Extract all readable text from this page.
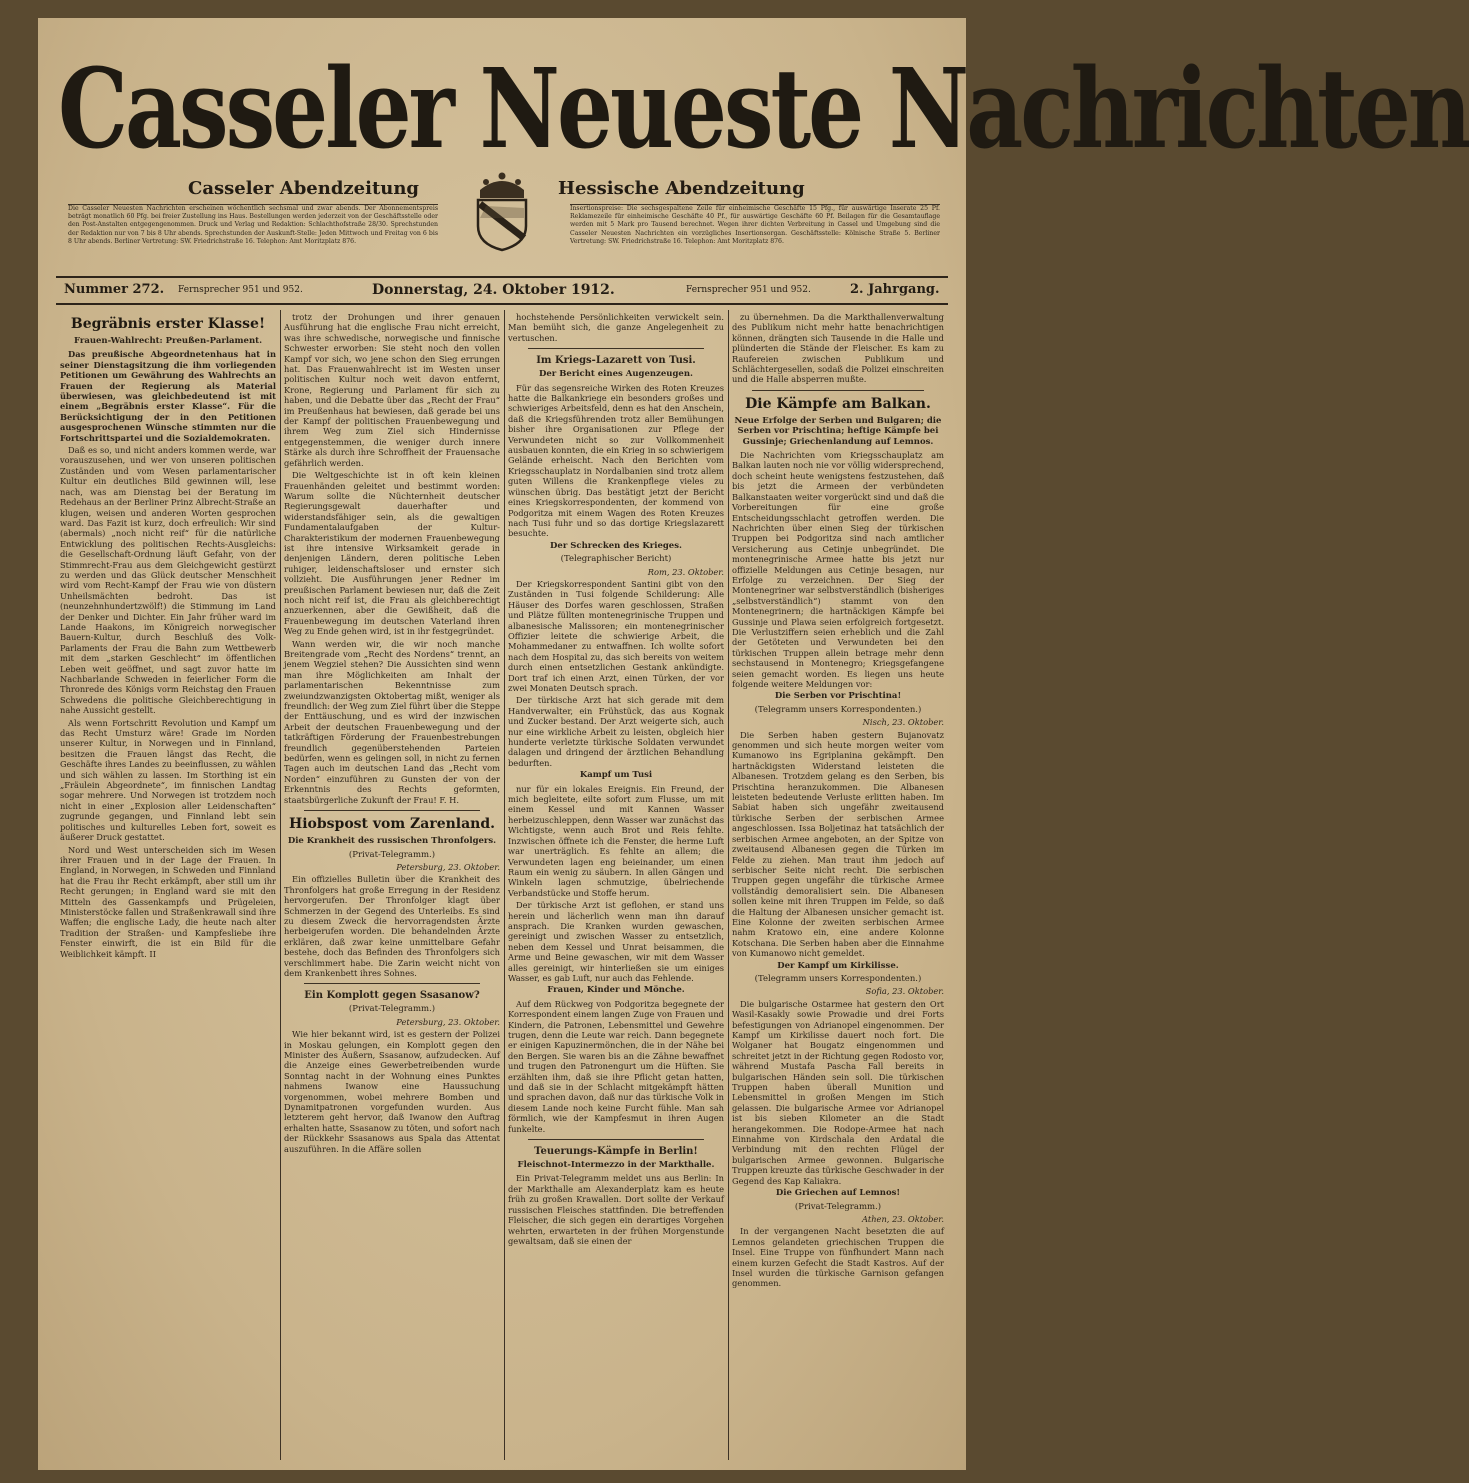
Casseler Neueste Nachrichten
Casseler Abendzeitung	Hessische Abendzeitung
Die Casseler Neuesten Nachrichten erscheinen wöchentlich sechsmal und zwar abends. Der Abonnementspreis beträgt monatlich 60 Pfg. bei freier Zustellung ins Haus. Bestellungen werden jederzeit von der Geschäftsstelle oder den Post-Anstalten entgegengenommen. Druck und Verlag und Redaktion: Schlachthofstraße 28/30. Sprechstunden der Redaktion nur von 7 bis 8 Uhr abends. Sprechstunden der Auskunft-Stelle: Jeden Mittwoch und Freitag von 6 bis 8 Uhr abends. Berliner Vertretung: SW. Friedrichstraße 16. Telephon: Amt Moritzplatz 876.
Insertionspreise: Die sechsgespaltene Zeile für einheimische Geschäfte 15 Pfg., für auswärtige Inserate 25 Pf. Reklamezeile für einheimische Geschäfte 40 Pf., für auswärtige Geschäfte 60 Pf. Beilagen für die Gesamtauflage werden mit 5 Mark pro Tausend berechnet. Wegen ihrer dichten Verbreitung in Cassel und Umgebung sind die Casseler Neuesten Nachrichten ein vorzügliches Insertionsorgan. Geschäftsstelle: Kölnische Straße 5. Berliner Vertretung: SW. Friedrichstraße 16. Telephon: Amt Moritzplatz 876.
Nummer 272. Fernsprecher 951 und 952.	Donnerstag, 24. Oktober 1912.	Fernsprecher 951 und 952.	2. Jahrgang.
Begräbnis erster Klasse!
Frauen-Wahlrecht: Preußen-Parlament.

Das preußische Abgeordnetenhaus hat in seiner Dienstagsitzung die ihm vorliegenden Petitionen um Gewährung des Wahlrechts an Frauen der Regierung als Material überwiesen, was gleichbedeutend ist mit einem „Begräbnis erster Klasse“. Für die Berücksichtigung der in den Petitionen ausgesprochenen Wünsche stimmten nur die Fortschrittspartei und die Sozialdemokraten.

Daß es so, und nicht anders kommen werde, war vorauszusehen, und wer von unseren politischen Zuständen und vom Wesen parlamentarischer Kultur ein deutliches Bild gewinnen will, lese nach, was am Dienstag bei der Beratung im Redehaus an der Berliner Prinz Albrecht-Straße an klugen, weisen und anderen Worten gesprochen ward. Das Fazit ist kurz, doch erfreulich: Wir sind (abermals) „noch nicht reif“ für die natürliche Entwicklung des politischen Rechts-Ausgleichs: die Gesellschaft-Ordnung läuft Gefahr, von der Stimmrecht-Frau aus dem Gleichgewicht gestürzt zu werden und das Glück deutscher Menschheit wird vom Recht-Kampf der Frau wie von düstern Unheilsmächten bedroht. Das ist (neunzehnhundertzwölf!) die Stimmung im Land der Denker und Dichter. Ein Jahr früher ward im Lande Haakons, im Königreich norwegischer Bauern-Kultur, durch Beschluß des Volk-Parlaments der Frau die Bahn zum Wettbewerb mit dem „starken Geschlecht“ im öffentlichen Leben weit geöffnet, und sagt zuvor hatte im Nachbarlande Schweden in feierlicher Form die Thronrede des Königs vorm Reichstag den Frauen Schwedens die politische Gleichberechtigung in nahe Aussicht gestellt.

Als wenn Fortschritt Revolution und Kampf um das Recht Umsturz wäre! Grade im Norden unserer Kultur, in Norwegen und in Finnland, besitzen die Frauen längst das Recht, die Geschäfte ihres Landes zu beeinflussen, zu wählen und sich wählen zu lassen. Im Storthing ist ein „Fräulein Abgeordnete“, im finnischen Landtag sogar mehrere. Und Norwegen ist trotzdem noch nicht in einer „Explosion aller Leidenschaften“ zugrunde gegangen, und Finnland lebt sein politisches und kulturelles Leben fort, soweit es äußerer Druck gestattet.

Nord und West unterscheiden sich im Wesen ihrer Frauen und in der Lage der Frauen. In England, in Norwegen, in Schweden und Finnland hat die Frau ihr Recht erkämpft, aber still um ihr Recht gerungen; in England ward sie mit den Mitteln des Gassenkampfs und Prügeleien, Ministerstöcke fallen und Straßenkrawall sind ihre Waffen; die englische Lady, die heute nach alter Tradition der Straßen- und Kampfesliebe ihre Fenster einwirft, die ist ein Bild für die Weiblichkeit kämpft. II

trotz der Drohungen und ihrer genauen Ausführung hat die englische Frau nicht erreicht, was ihre schwedische, norwegische und finnische Schwester erworben: Sie steht noch den vollen Kampf vor sich, wo jene schon den Sieg errungen hat. Das Frauenwahlrecht ist im Westen unser politischen Kultur noch weit davon entfernt, Krone, Regierung und Parlament für sich zu haben, und die Debatte über das „Recht der Frau“ im Preußenhaus hat bewiesen, daß gerade bei uns der Kampf der politischen Frauenbewegung und ihrem Weg zum Ziel sich Hindernisse entgegenstemmen, die weniger durch innere Stärke als durch ihre Schroffheit der Frauensache gefährlich werden.

Die Weltgeschichte ist in oft kein kleinen Frauenhänden geleitet und bestimmt worden: Warum sollte die Nüchternheit deutscher Regierungsgewalt dauerhafter und widerstandsfähiger sein, als die gewaltigen Fundamentalaufgaben der Kultur-Charakteristikum der modernen Frauenbewegung ist ihre intensive Wirksamkeit gerade in denjenigen Ländern, deren politische Leben ruhiger, leidenschaftsloser und ernster sich vollzieht. Die Ausführungen jener Redner im preußischen Parlament bewiesen nur, daß die Zeit noch nicht reif ist, die Frau als gleichberechtigt anzuerkennen, aber die Gewißheit, daß die Frauenbewegung im deutschen Vaterland ihren Weg zu Ende gehen wird, ist in ihr festgegründet.

Wann werden wir, die wir noch manche Breitengrade vom „Recht des Nordens“ trennt, an jenem Wegziel stehen? Die Aussichten sind wenn man ihre Möglichkeiten am Inhalt der parlamentarischen Bekenntnisse zum zweiundzwanzigsten Oktobertag mißt, weniger als freundlich: der Weg zum Ziel führt über die Steppe der Enttäuschung, und es wird der inzwischen Arbeit der deutschen Frauenbewegung und der tatkräftigen Förderung der Frauenbestrebungen freundlich gegenüberstehenden Parteien bedürfen, wenn es gelingen soll, in nicht zu fernen Tagen auch im deutschen Land das „Recht vom Norden“ einzuführen zu Gunsten der von der Erkenntnis des Rechts geformten, staatsbürgerliche Zukunft der Frau! F. H.

Hiobspost vom Zarenland.
Die Krankheit des russischen Thronfolgers.
(Privat-Telegramm.)
Petersburg, 23. Oktober.

Ein offizielles Bulletin über die Krankheit des Thronfolgers hat große Erregung in der Residenz hervorgerufen. Der Thronfolger klagt über Schmerzen in der Gegend des Unterleibs. Es sind zu diesem Zweck die hervorragendsten Ärzte herbeigerufen worden. Die behandelnden Ärzte erklären, daß zwar keine unmittelbare Gefahr bestehe, doch das Befinden des Thronfolgers sich verschlimmert habe. Die Zarin weicht nicht von dem Krankenbett ihres Sohnes.

Ein Komplott gegen Ssasanow?
(Privat-Telegramm.)
Petersburg, 23. Oktober.

Wie hier bekannt wird, ist es gestern der Polizei in Moskau gelungen, ein Komplott gegen den Minister des Äußern, Ssasanow, aufzudecken. Auf die Anzeige eines Gewerbetreibenden wurde Sonntag nacht in der Wohnung eines Punktes nahmens Iwanow eine Haussuchung vorgenommen, wobei mehrere Bomben und Dynamitpatronen vorgefunden wurden. Aus letzterem geht hervor, daß Iwanow den Auftrag erhalten hatte, Ssasanow zu töten, und sofort nach der Rückkehr Ssasanows aus Spala das Attentat auszuführen. In die Affäre sollen

hochstehende Persönlichkeiten verwickelt sein. Man bemüht sich, die ganze Angelegenheit zu vertuschen.

Im Kriegs-Lazarett von Tusi.
Der Bericht eines Augenzeugen.

Für das segensreiche Wirken des Roten Kreuzes hatte die Balkankriege ein besonders großes und schwieriges Arbeitsfeld, denn es hat den Anschein, daß die Kriegsführenden trotz aller Bemühungen bisher ihre Organisationen zur Pflege der Verwundeten nicht so zur Vollkommenheit ausbauen konnten, die ein Krieg in so schwierigem Gelände erheischt. Nach den Berichten vom Kriegsschauplatz in Nordalbanien sind trotz allem guten Willens die Krankenpflege vieles zu wünschen übrig. Das bestätigt jetzt der Bericht eines Kriegskorrespondenten, der kommend von Podgoritza mit einem Wagen des Roten Kreuzes nach Tusi fuhr und so das dortige Kriegslazarett besuchte.

Der Schrecken des Krieges.
(Telegraphischer Bericht)
Rom, 23. Oktober.

Der Kriegskorrespondent Santini gibt von den Zuständen in Tusi folgende Schilderung: Alle Häuser des Dorfes waren geschlossen, Straßen und Plätze füllten montenegrinische Truppen und albanesische Malissoren; ein montenegrinischer Offizier leitete die schwierige Arbeit, die Mohammedaner zu entwaffnen. Ich wollte sofort nach dem Hospital zu, das sich bereits von weitem durch einen entsetzlichen Gestank ankündigte. Dort traf ich einen Arzt, einen Türken, der vor zwei Monaten Deutsch sprach.

Der türkische Arzt hat sich gerade mit dem Handverwalter, ein Frühstück, das aus Kognak und Zucker bestand. Der Arzt weigerte sich, auch nur eine wirkliche Arbeit zu leisten, obgleich hier hunderte verletzte türkische Soldaten verwundet dalagen und dringend der ärztlichen Behandlung bedurften.

Kampf um Tusi

nur für ein lokales Ereignis. Ein Freund, der mich begleitete, eilte sofort zum Flusse, um mit einem Kessel und mit Kannen Wasser herbeizuschleppen, denn Wasser war zunächst das Wichtigste, wenn auch Brot und Reis fehlte. Inzwischen öffnete ich die Fenster, die herme Luft war unerträglich. Es fehlte an allem; die Verwundeten lagen eng beieinander, um einen Raum ein wenig zu säubern. In allen Gängen und Winkeln lagen schmutzige, übelriechende Verbandstücke und Stoffe herum.

Der türkische Arzt ist geflohen, er stand uns herein und lächerlich wenn man ihn darauf ansprach. Die Kranken wurden gewaschen, gereinigt und zwischen Wasser zu entsetzlich, neben dem Kessel und Unrat beisammen, die Arme und Beine gewaschen, wir mit dem Wasser alles gereinigt, wir hinterließen sie um einiges Wasser, es gab Luft, nur auch das Fehlende.

Frauen, Kinder und Mönche.

Auf dem Rückweg von Podgoritza begegnete der Korrespondent einem langen Zuge von Frauen und Kindern, die Patronen, Lebensmittel und Gewehre trugen, denn die Leute war reich. Dann begegnete er einigen Kapuzinermönchen, die in der Nähe bei den Bergen. Sie waren bis an die Zähne bewaffnet und trugen den Patronengurt um die Hüften. Sie erzählten ihm, daß sie ihre Pflicht getan hatten, und daß sie in der Schlacht mitgekämpft hätten und sprachen davon, daß nur das türkische Volk in diesem Lande noch keine Furcht fühle. Man sah förmlich, wie der Kampfesmut in ihren Augen funkelte.

Teuerungs-Kämpfe in Berlin!
Fleischnot-Intermezzo in der Markthalle.

Ein Privat-Telegramm meldet uns aus Berlin: In der Markthalle am Alexanderplatz kam es heute früh zu großen Krawallen. Dort sollte der Verkauf russischen Fleisches stattfinden. Die betreffenden Fleischer, die sich gegen ein derartiges Vorgehen wehrten, erwarteten in der frühen Morgenstunde gewaltsam, daß sie einen der

zu übernehmen. Da die Markthallenverwaltung des Publikum nicht mehr hatte benachrichtigen können, drängten sich Tausende in die Halle und plünderten die Stände der Fleischer. Es kam zu Raufereien zwischen Publikum und Schlächtergesellen, sodaß die Polizei einschreiten und die Halle absperren mußte.

Die Kämpfe am Balkan.
Neue Erfolge der Serben und Bulgaren; die Serben vor Prischtina; heftige Kämpfe bei Gussinje; Griechenlandung auf Lemnos.

Die Nachrichten vom Kriegsschauplatz am Balkan lauten noch nie vor völlig widersprechend, doch scheint heute wenigstens festzustehen, daß bis jetzt die Armeen der verbündeten Balkanstaaten weiter vorgerückt sind und daß die Vorbereitungen für eine große Entscheidungsschlacht getroffen werden. Die Nachrichten über einen Sieg der türkischen Truppen bei Podgoritza sind nach amtlicher Versicherung aus Cetinje unbegründet. Die montenegrinische Armee hatte bis jetzt nur offizielle Meldungen aus Cetinje besagen, nur Erfolge zu verzeichnen. Der Sieg der Montenegriner war selbstverständlich (bisheriges „selbstverständlich“) stammt von den Montenegrinern; die hartnäckigen Kämpfe bei Gussinje und Plawa seien erfolgreich fortgesetzt. Die Verlustziffern seien erheblich und die Zahl der Getöteten und Verwundeten bei den türkischen Truppen allein betrage mehr denn sechstausend in Montenegro; Kriegsgefangene seien gemacht worden. Es liegen uns heute folgende weitere Meldungen vor:

Die Serben vor Prischtina!
(Telegramm unsers Korrespondenten.)
Nisch, 23. Oktober.

Die Serben haben gestern Bujanovatz genommen und sich heute morgen weiter vom Kumanowo ins Egriplanina gekämpft. Den hartnäckigsten Widerstand leisteten die Albanesen. Trotzdem gelang es den Serben, bis Prischtina heranzukommen. Die Albanesen leisteten bedeutende Verluste erlitten haben. Im Sabiat haben sich ungefähr zweitausend türkische Serben der serbischen Armee angeschlossen. Issa Boljetinaz hat tatsächlich der serbischen Armee angeboten, an der Spitze von zweitausend Albanesen gegen die Türken im Felde zu ziehen. Man traut ihm jedoch auf serbischer Seite nicht recht. Die serbischen Truppen gegen ungefähr die türkische Armee vollständig demoralisiert sein. Die Albanesen sollen keine mit ihren Truppen im Felde, so daß die Haltung der Albanesen unsicher gemacht ist. Eine Kolonne der zweiten serbischen Armee nahm Kratowo ein, eine andere Kolonne Kotschana. Die Serben haben aber die Einnahme von Kumanowo nicht gemeldet.

Der Kampf um Kirkilisse.
(Telegramm unsers Korrespondenten.)
Sofia, 23. Oktober.

Die bulgarische Ostarmee hat gestern den Ort Wasil-Kasakly sowie Prowadie und drei Forts befestigungen von Adrianopel eingenommen. Der Kampf um Kirkilisse dauert noch fort. Die Wolganer hat Bougatz eingenommen und schreitet jetzt in der Richtung gegen Rodosto vor, während Mustafa Pascha Fall bereits in bulgarischen Händen sein soll. Die türkischen Truppen haben überall Munition und Lebensmittel in großen Mengen im Stich gelassen. Die bulgarische Armee vor Adrianopel ist bis sieben Kilometer an die Stadt herangekommen. Die Rodope-Armee hat nach Einnahme von Kirdschala den Ardatal die Verbindung mit den rechten Flügel der bulgarischen Armee gewonnen. Bulgarische Truppen kreuzte das türkische Geschwader in der Gegend des Kap Kaliakra.

Die Griechen auf Lemnos!
(Privat-Telegramm.)
Athen, 23. Oktober.

In der vergangenen Nacht besetzten die auf Lemnos gelandeten griechischen Truppen die Insel. Eine Truppe von fünfhundert Mann nach einem kurzen Gefecht die Stadt Kastros. Auf der Insel wurden die türkische Garnison gefangen genommen.
